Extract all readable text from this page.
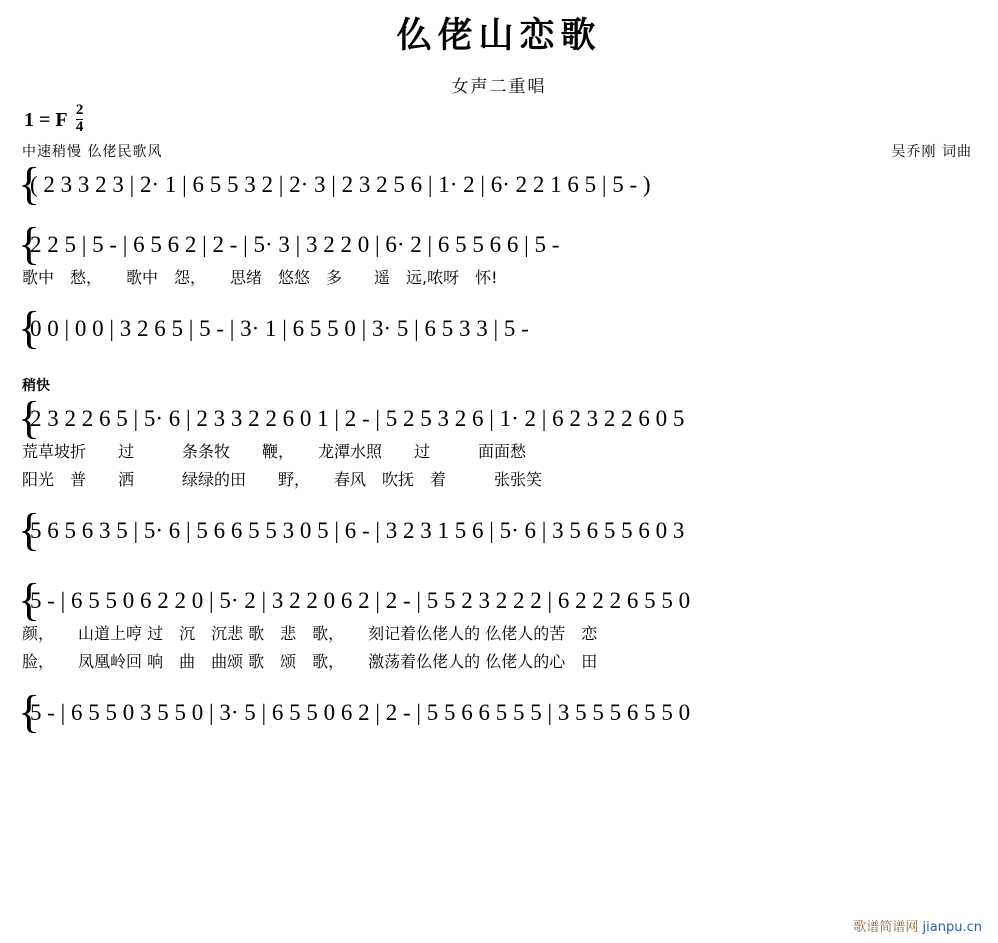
仫佬山恋歌
女声二重唱
1 = F $\frac{2}{4}$
中速稍慢 仫佬民歌风	吴乔刚 词曲
{
( 2 3 3 2 3 | 2· 1 | 6 5 5 3 2 | 2· 3 | 2 3 2 5 6 | 1· 2 | 6· 2 2 1 6 5 | 5 - )
{
2 2 5 | 5 - | 6 5 6 2 | 2 - | 5· 3 | 3 2 2 0 | 6· 2 | 6 5 5 6 6 | 5 -
歌中　愁，　　歌中　怨，　　思绪　悠悠　多　　遥　远,哝呀　怀!
{
0 0 | 0 0 | 3 2 6 5 | 5 - | 3· 1 | 6 5 5 0 | 3· 5 | 6 5 3 3 | 5 -
稍快
{
2 3 2 2 6 5 | 5· 6 | 2 3 3 2 2 6 0 1 | 2 - | 5 2 5 3 2 6 | 1· 2 | 6 2 3 2 2 6 0 5
荒草坡折　　过　　　条条牧　　鞭，　　龙潭水照　　过　　　面面愁
阳光　普　　洒　　　绿绿的田　　野，　　春风　吹抚　着　　　张张笑
{
5 6 5 6 3 5 | 5· 6 | 5 6 6 5 5 3 0 5 | 6 - | 3 2 3 1 5 6 | 5· 6 | 3 5 6 5 5 6 0 3
{
5 - | 6 5 5 0 6 2 2 0 | 5· 2 | 3 2 2 0 6 2 | 2 - | 5 5 2 3 2 2 2 | 6 2 2 2 6 5 5 0
颜，　　山道上哼 过　沉　沉悲 歌　悲　歌，　　刻记着仫佬人的 仫佬人的苦　恋
脸，　　凤凰岭回 响　曲　曲颂 歌　颂　歌，　　激荡着仫佬人的 仫佬人的心　田
{
5 - | 6 5 5 0 3 5 5 0 | 3· 5 | 6 5 5 0 6 2 | 2 - | 5 5 6 6 5 5 5 | 3 5 5 5 6 5 5 0
歌谱简谱网 jianpu.cn
